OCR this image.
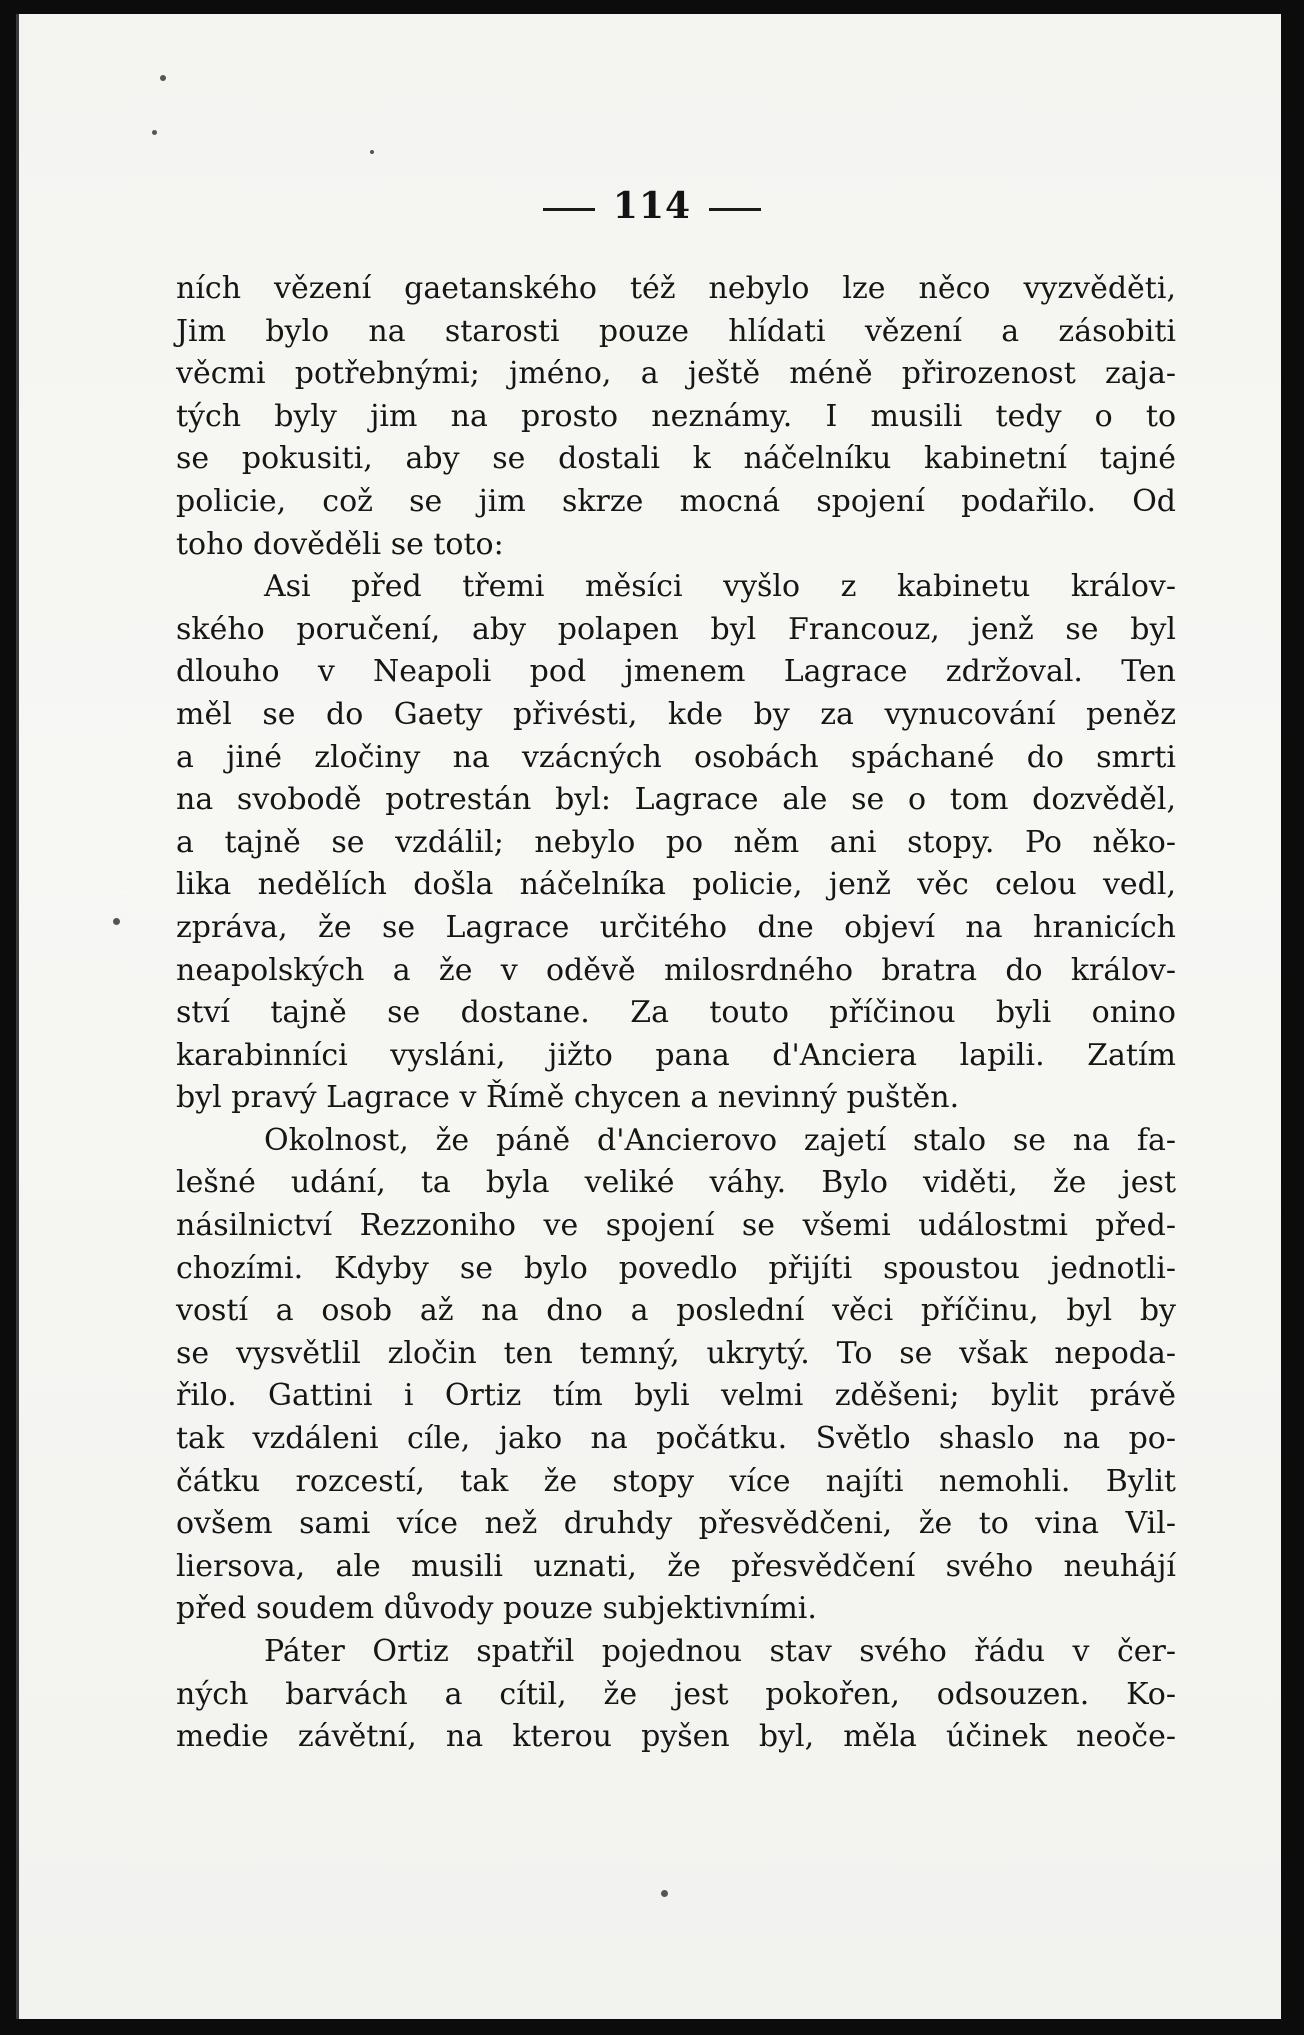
114
ních vězení gaetanského též nebylo lze něco vyzvěděti,
Jim bylo na starosti pouze hlídati vězení a zásobiti
věcmi potřebnými; jméno, a ještě méně přirozenost zaja-
tých byly jim na prosto neznámy. I musili tedy o to
se pokusiti, aby se dostali k náčelníku kabinetní tajné
policie, což se jim skrze mocná spojení podařilo. Od
toho dověděli se toto:
Asi před třemi měsíci vyšlo z kabinetu králov-
ského poručení, aby polapen byl Francouz, jenž se byl
dlouho v Neapoli pod jmenem Lagrace zdržoval. Ten
měl se do Gaety přivésti, kde by za vynucování peněz
a jiné zločiny na vzácných osobách spáchané do smrti
na svobodě potrestán byl: Lagrace ale se o tom dozvěděl,
a tajně se vzdálil; nebylo po něm ani stopy. Po něko-
lika nedělích došla náčelníka policie, jenž věc celou vedl,
zpráva, že se Lagrace určitého dne objeví na hranicích
neapolských a že v oděvě milosrdného bratra do králov-
ství tajně se dostane. Za touto příčinou byli onino
karabinníci vysláni, jižto pana d'Anciera lapili. Zatím
byl pravý Lagrace v Římě chycen a nevinný puštěn.
Okolnost, že páně d'Ancierovo zajetí stalo se na fa-
lešné udání, ta byla veliké váhy. Bylo viděti, že jest
násilnictví Rezzoniho ve spojení se všemi událostmi před-
chozími. Kdyby se bylo povedlo přijíti spoustou jednotli-
vostí a osob až na dno a poslední věci příčinu, byl by
se vysvětlil zločin ten temný, ukrytý. To se však nepoda-
řilo. Gattini i Ortiz tím byli velmi zděšeni; bylit právě
tak vzdáleni cíle, jako na počátku. Světlo shaslo na po-
čátku rozcestí, tak že stopy více najíti nemohli. Bylit
ovšem sami více než druhdy přesvědčeni, že to vina Vil-
liersova, ale musili uznati, že přesvědčení svého neuhájí
před soudem důvody pouze subjektivními.
Páter Ortiz spatřil pojednou stav svého řádu v čer-
ných barvách a cítil, že jest pokořen, odsouzen. Ko-
medie závětní, na kterou pyšen byl, měla účinek neoče-
